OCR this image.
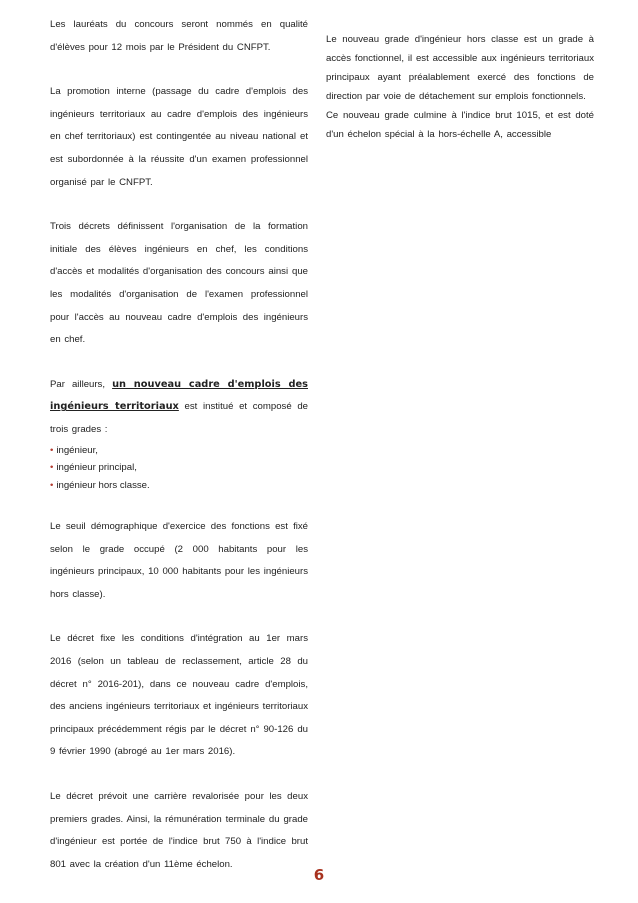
Les lauréats du concours seront nommés en qualité d'élèves pour 12 mois par le Président du CNFPT.

La promotion interne (passage du cadre d'emplois des ingénieurs territoriaux au cadre d'emplois des ingénieurs en chef territoriaux) est contingentée au niveau national et est subordonnée à la réussite d'un examen professionnel organisé par le CNFPT.

Trois décrets définissent l'organisation de la formation initiale des élèves ingénieurs en chef, les conditions d'accès et modalités d'organisation des concours ainsi que les modalités d'organisation de l'examen professionnel pour l'accès au nouveau cadre d'emplois des ingénieurs en chef.

Par ailleurs, un nouveau cadre d'emplois des ingénieurs territoriaux est institué et composé de trois grades :

• ingénieur,
• ingénieur principal,
• ingénieur hors classe.

Le seuil démographique d'exercice des fonctions est fixé selon le grade occupé (2 000 habitants pour les ingénieurs principaux, 10 000 habitants pour les ingénieurs hors classe).

Le décret fixe les conditions d'intégration au 1er mars 2016 (selon un tableau de reclassement, article 28 du décret n° 2016-201), dans ce nouveau cadre d'emplois, des anciens ingénieurs territoriaux et ingénieurs territoriaux principaux précédemment régis par le décret n° 90-126 du 9 février 1990 (abrogé au 1er mars 2016).

Le décret prévoit une carrière revalorisée pour les deux premiers grades. Ainsi, la rémunération terminale du grade d'ingénieur est portée de l'indice brut 750 à l'indice brut 801 avec la création d'un 11ème échelon.

Le nouveau grade d'ingénieur hors classe est un grade à accès fonctionnel, il est accessible aux ingénieurs territoriaux principaux ayant préalablement exercé des fonctions de direction par voie de détachement sur emplois fonctionnels.

Ce nouveau grade culmine à l'indice brut 1015, et est doté d'un échelon spécial à la hors-échelle A, accessible

6
